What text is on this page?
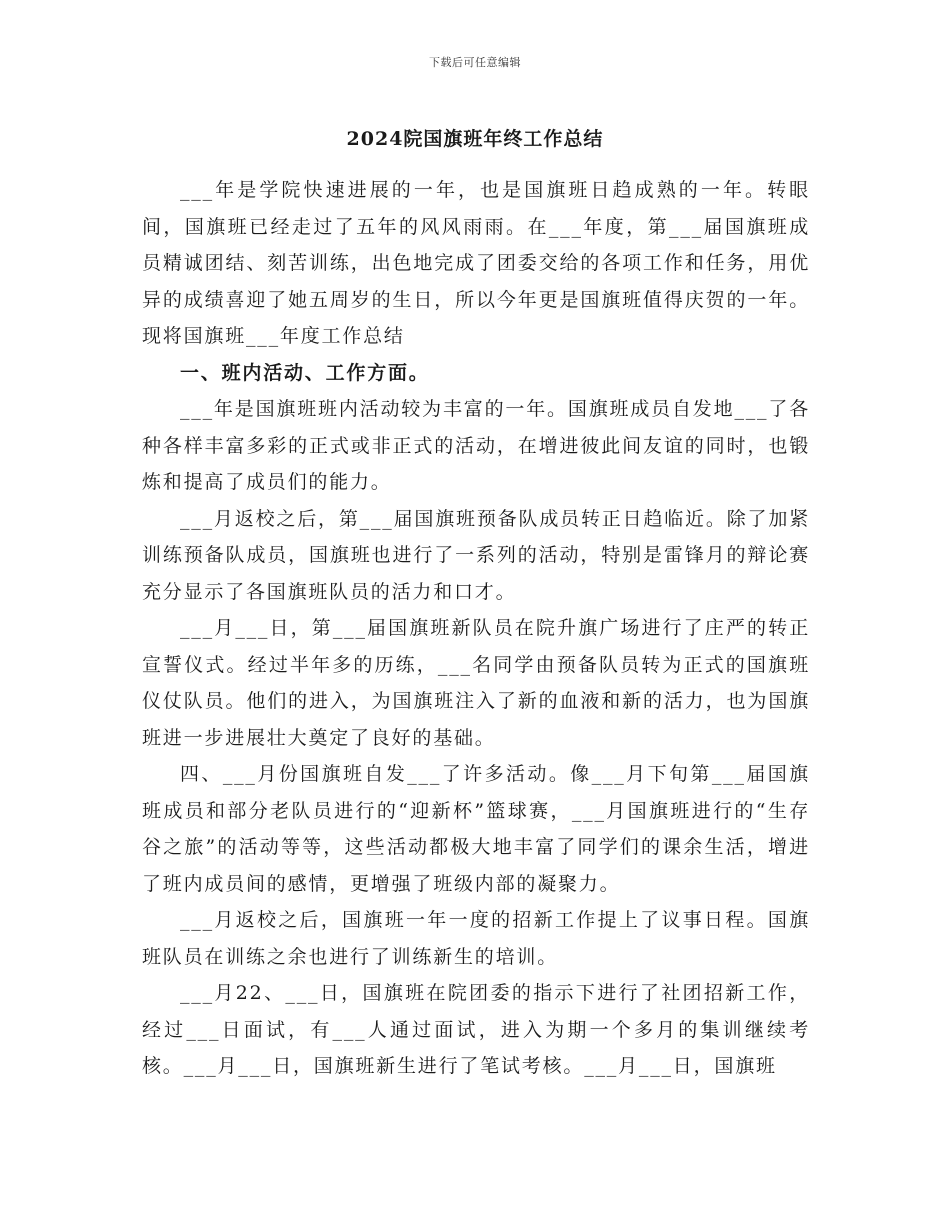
下载后可任意编辑
2024院国旗班年终工作总结

___年是学院快速进展的一年，也是国旗班日趋成熟的一年。转眼间，国旗班已经走过了五年的风风雨雨。在___年度，第___届国旗班成员精诚团结、刻苦训练，出色地完成了团委交给的各项工作和任务，用优异的成绩喜迎了她五周岁的生日，所以今年更是国旗班值得庆贺的一年。现将国旗班___年度工作总结

一、班内活动、工作方面。

___年是国旗班班内活动较为丰富的一年。国旗班成员自发地___了各种各样丰富多彩的正式或非正式的活动，在增进彼此间友谊的同时，也锻炼和提高了成员们的能力。

___月返校之后，第___届国旗班预备队成员转正日趋临近。除了加紧训练预备队成员，国旗班也进行了一系列的活动，特别是雷锋月的辩论赛充分显示了各国旗班队员的活力和口才。

___月___日，第___届国旗班新队员在院升旗广场进行了庄严的转正宣誓仪式。经过半年多的历练，___名同学由预备队员转为正式的国旗班仪仗队员。他们的进入，为国旗班注入了新的血液和新的活力，也为国旗班进一步进展壮大奠定了良好的基础。

四、___月份国旗班自发___了许多活动。像___月下旬第___届国旗班成员和部分老队员进行的“迎新杯”篮球赛，___月国旗班进行的“生存谷之旅”的活动等等，这些活动都极大地丰富了同学们的课余生活，增进了班内成员间的感情，更增强了班级内部的凝聚力。

___月返校之后，国旗班一年一度的招新工作提上了议事日程。国旗班队员在训练之余也进行了训练新生的培训。

___月22、___日，国旗班在院团委的指示下进行了社团招新工作，经过___日面试，有___人通过面试，进入为期一个多月的集训继续考核。___月___日，国旗班新生进行了笔试考核。___月___日，国旗班
